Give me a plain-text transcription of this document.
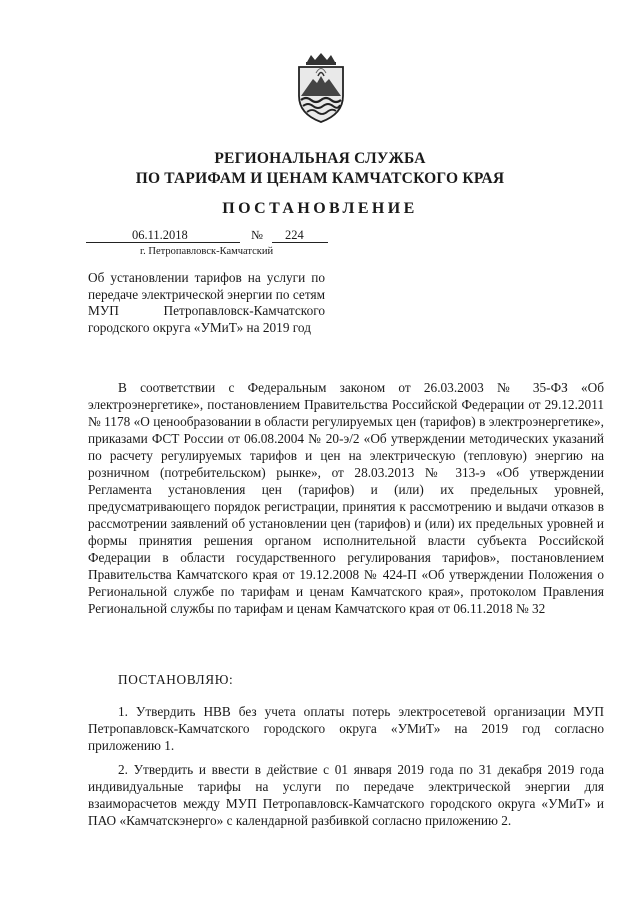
РЕГИОНАЛЬНАЯ СЛУЖБА
ПО ТАРИФАМ И ЦЕНАМ КАМЧАТСКОГО КРАЯ
ПОСТАНОВЛЕНИЕ
06.11.2018	№ 224
г. Петропавловск-Камчатский
Об установлении тарифов на услуги по передаче электрической энергии по сетям МУП Петропавловск-Камчатского городского округа «УМиТ» на 2019 год
В соответствии с Федеральным законом от 26.03.2003 № 35-ФЗ «Об электроэнергетике», постановлением Правительства Российской Федерации от 29.12.2011 № 1178 «О ценообразовании в области регулируемых цен (тарифов) в электроэнергетике», приказами ФСТ России от 06.08.2004 № 20-э/2 «Об утверждении методических указаний по расчету регулируемых тарифов и цен на электрическую (тепловую) энергию на розничном (потребительском) рынке», от 28.03.2013 № 313-э «Об утверждении Регламента установления цен (тарифов) и (или) их предельных уровней, предусматривающего порядок регистрации, принятия к рассмотрению и выдачи отказов в рассмотрении заявлений об установлении цен (тарифов) и (или) их предельных уровней и формы принятия решения органом исполнительной власти субъекта Российской Федерации в области государственного регулирования тарифов», постановлением Правительства Камчатского края от 19.12.2008 № 424-П «Об утверждении Положения о Региональной службе по тарифам и ценам Камчатского края», протоколом Правления Региональной службы по тарифам и ценам Камчатского края от 06.11.2018 № 32
ПОСТАНОВЛЯЮ:
1. Утвердить НВВ без учета оплаты потерь электросетевой организации МУП Петропавловск-Камчатского городского округа «УМиТ» на 2019 год согласно приложению 1.
2. Утвердить и ввести в действие с 01 января 2019 года по 31 декабря 2019 года индивидуальные тарифы на услуги по передаче электрической энергии для взаиморасчетов между МУП Петропавловск-Камчатского городского округа «УМиТ» и ПАО «Камчатскэнерго» с календарной разбивкой согласно приложению 2.
